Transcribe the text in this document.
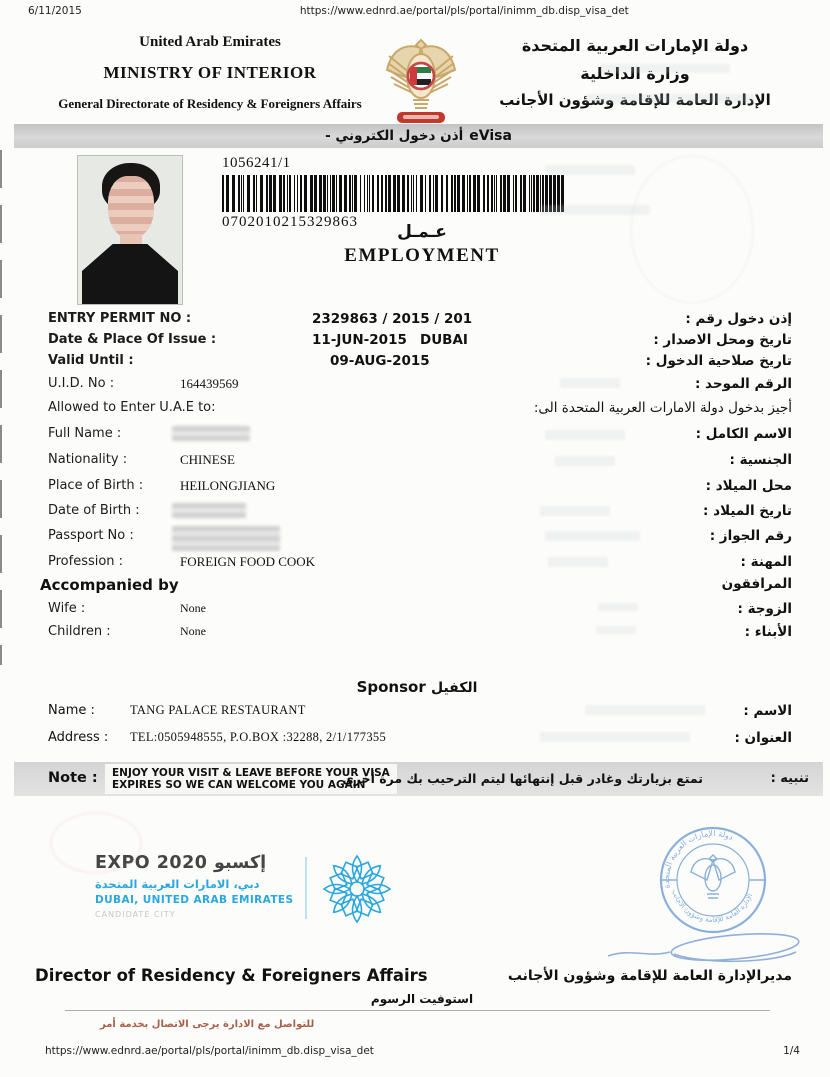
6/11/2015	https://www.ednrd.ae/portal/pls/portal/inimm_db.disp_visa_det
United Arab Emirates
MINISTRY OF INTERIOR
General Directorate of Residency & Foreigners Affairs
دولة الإمارات العربية المتحدة
وزارة الداخلية
الإدارة العامة للإقامة وشؤون الأجانب
أذن دخول الكتروني - eVisa
1056241/1
0702010215329863	عـمـل
EMPLOYMENT
ENTRY PERMIT NO :	2329863 / 2015 / 201	إذن دخول رقم :
Date & Place Of Issue :	11-JUN-2015 DUBAI	تاريخ ومحل الاصدار :
Valid Until :	09-AUG-2015	تاريخ صلاحية الدخول :
U.I.D. No :	164439569	الرقم الموحد :
Allowed to Enter U.A.E to:	أجيز بدخول دولة الامارات العربية المتحدة الى:
Full Name :	الاسم الكامل :
Nationality :	CHINESE	الجنسية :
Place of Birth :	HEILONGJIANG	محل الميلاد :
Date of Birth :	تاريخ الميلاد :
Passport No :	رقم الجواز :
Profession :	FOREIGN FOOD COOK	المهنة :
Accompanied by	المرافقون
Wife :	None	الزوجة :
Children :	None	الأبناء :
Sponsor الكفيل
Name :	TANG PALACE RESTAURANT	الاسم :
Address : TEL:0505948555, P.O.BOX :32288, 2/1/177355	العنوان :
Note :	ENJOY YOUR VISIT & LEAVE BEFORE YOUR VISA
EXPIRES SO WE CAN WELCOME YOU AGAIN
تمتع بزيارتك وغادر قبل إنتهائها ليتم الترحيب بك مرة أخرى	تنبيه :
EXPO 2020 إكسبو
دبي، الامارات العربية المتحدة
DUBAI, UNITED ARAB EMIRATES
CANDIDATE CITY
دولة الإمارات العربية المتحدة
الإدارة العامة للإقامة وشؤون الأجانب
Director of Residency & Foreigners Affairs	مديرالإدارة العامة للإقامة وشؤون الأجانب
استوفيت الرسوم
للتواصل مع الادارة يرجى الاتصال بخدمة أمر
https://www.ednrd.ae/portal/pls/portal/inimm_db.disp_visa_det	1/4
